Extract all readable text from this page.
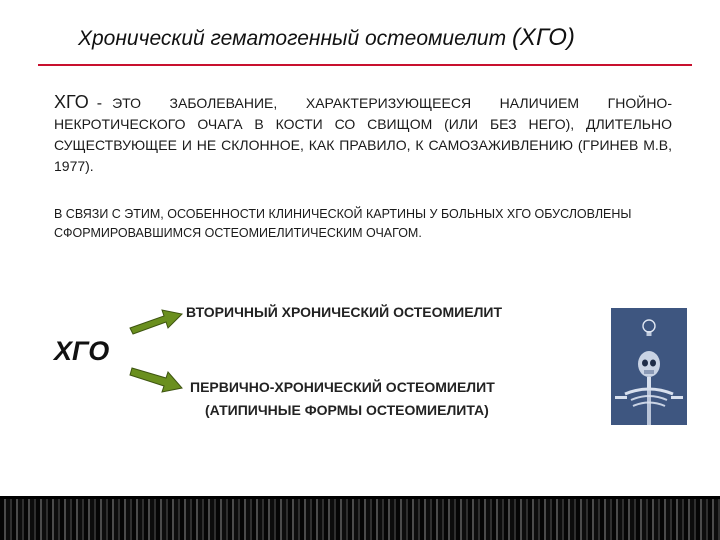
Хронический гематогенный остеомиелит (ХГО)
ХГО - ЭТО ЗАБОЛЕВАНИЕ, ХАРАКТЕРИЗУЮЩЕЕСЯ НАЛИЧИЕМ ГНОЙНО-НЕКРОТИЧЕСКОГО ОЧАГА В КОСТИ СО СВИЩОМ (ИЛИ БЕЗ НЕГО), ДЛИТЕЛЬНО СУЩЕСТВУЮЩЕЕ И НЕ СКЛОННОЕ, КАК ПРАВИЛО, К САМОЗАЖИВЛЕНИЮ (ГРИНЕВ М.В, 1977).
В СВЯЗИ С ЭТИМ, ОСОБЕННОСТИ КЛИНИЧЕСКОЙ КАРТИНЫ У БОЛЬНЫХ ХГО ОБУСЛОВЛЕНЫ СФОРМИРОВАВШИМСЯ ОСТЕОМИЕЛИТИЧЕСКИМ ОЧАГОМ.
ХГО
ВТОРИЧНЫЙ ХРОНИЧЕСКИЙ ОСТЕОМИЕЛИТ
ПЕРВИЧНО-ХРОНИЧЕСКИЙ ОСТЕОМИЕЛИТ
(АТИПИЧНЫЕ ФОРМЫ ОСТЕОМИЕЛИТА)
